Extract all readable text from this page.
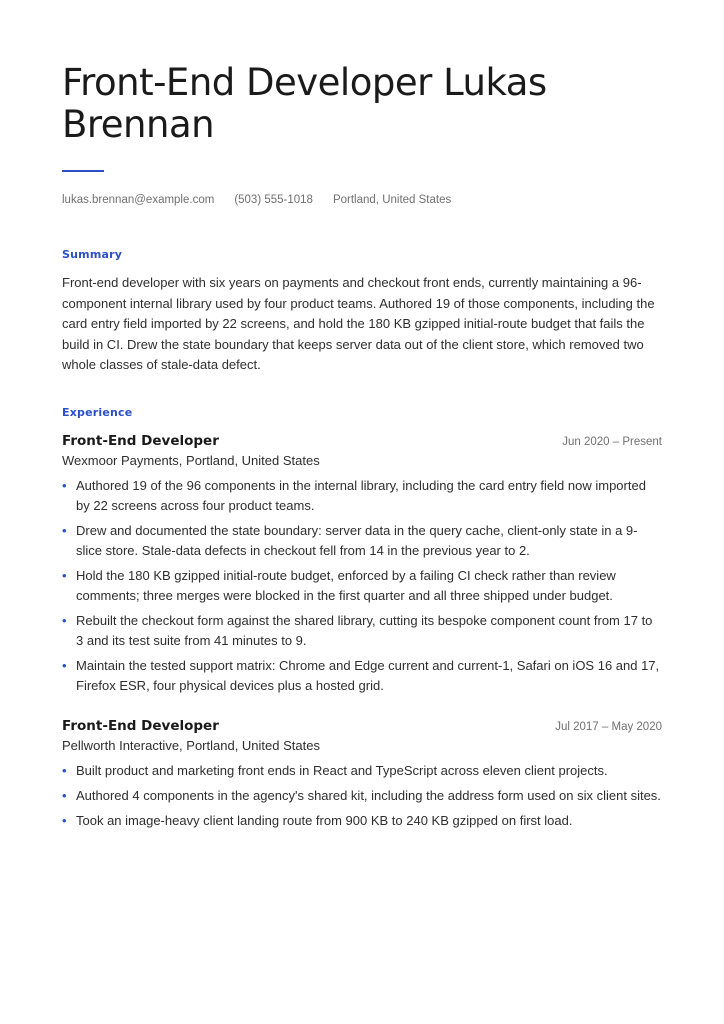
Front-End Developer Lukas Brennan
lukas.brennan@example.com (503) 555-1018 Portland, United States
Summary

Front-end developer with six years on payments and checkout front ends, currently maintaining a 96-component internal library used by four product teams. Authored 19 of those components, including the card entry field imported by 22 screens, and hold the 180 KB gzipped initial-route budget that fails the build in CI. Drew the state boundary that keeps server data out of the client store, which removed two whole classes of stale-data defect.

Experience
Front-End Developer	Jun 2020 – Present
Wexmoor Payments, Portland, United States
• Authored 19 of the 96 components in the internal library, including the card entry field now imported by 22 screens across four product teams.
• Drew and documented the state boundary: server data in the query cache, client-only state in a 9-slice store. Stale-data defects in checkout fell from 14 in the previous year to 2.
• Hold the 180 KB gzipped initial-route budget, enforced by a failing CI check rather than review comments; three merges were blocked in the first quarter and all three shipped under budget.
• Rebuilt the checkout form against the shared library, cutting its bespoke component count from 17 to 3 and its test suite from 41 minutes to 9.
• Maintain the tested support matrix: Chrome and Edge current and current-1, Safari on iOS 16 and 17, Firefox ESR, four physical devices plus a hosted grid.
Front-End Developer	Jul 2017 – May 2020
Pellworth Interactive, Portland, United States
• Built product and marketing front ends in React and TypeScript across eleven client projects.
• Authored 4 components in the agency's shared kit, including the address form used on six client sites.
• Took an image-heavy client landing route from 900 KB to 240 KB gzipped on first load.
